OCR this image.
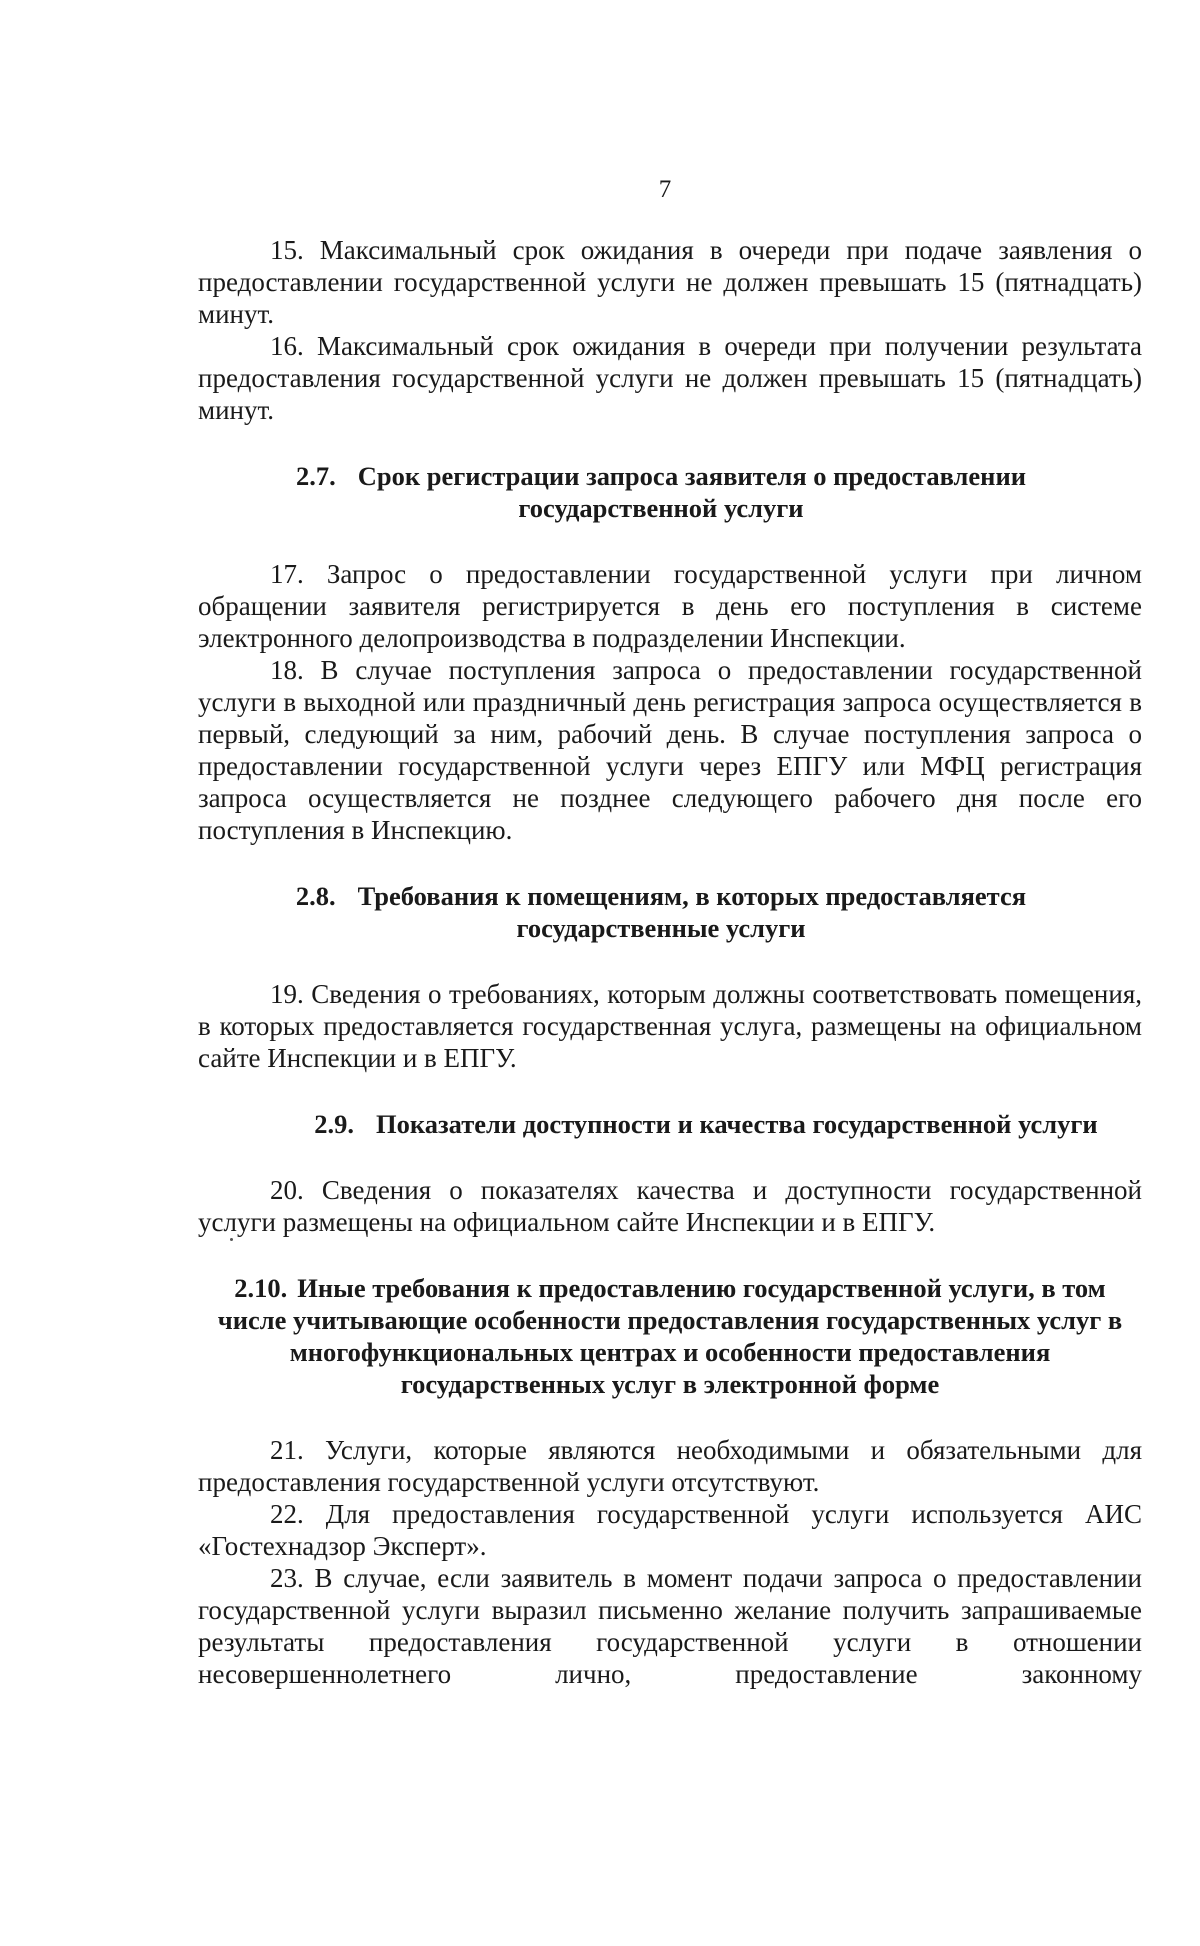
7

15. Максимальный срок ожидания в очереди при подаче заявления о предоставлении государственной услуги не должен превышать 15 (пятнадцать) минут.

16. Максимальный срок ожидания в очереди при получении результата предоставления государственной услуги не должен превышать 15 (пятнадцать) минут.

2.7. Срок регистрации запроса заявителя о предоставлении государственной услуги

17. Запрос о предоставлении государственной услуги при личном обращении заявителя регистрируется в день его поступления в системе электронного делопроизводства в подразделении Инспекции.

18. В случае поступления запроса о предоставлении государственной услуги в выходной или праздничный день регистрация запроса осуществляется в первый, следующий за ним, рабочий день. В случае поступления запроса о предоставлении государственной услуги через ЕПГУ или МФЦ регистрация запроса осуществляется не позднее следующего рабочего дня после его поступления в Инспекцию.

2.8. Требования к помещениям, в которых предоставляется государственные услуги

19. Сведения о требованиях, которым должны соответствовать помещения, в которых предоставляется государственная услуга, размещены на официальном сайте Инспекции и в ЕПГУ.

2.9. Показатели доступности и качества государственной услуги

20. Сведения о показателях качества и доступности государственной услуги размещены на официальном сайте Инспекции и в ЕПГУ.

2.10. Иные требования к предоставлению государственной услуги, в том числе учитывающие особенности предоставления государственных услуг в многофункциональных центрах и особенности предоставления государственных услуг в электронной форме

21. Услуги, которые являются необходимыми и обязательными для предоставления государственной услуги отсутствуют.

22. Для предоставления государственной услуги используется АИС «Гостехнадзор Эксперт».

23. В случае, если заявитель в момент подачи запроса о предоставлении государственной услуги выразил письменно желание получить запрашиваемые результаты предоставления государственной услуги в отношении несовершеннолетнего лично, предоставление законному
